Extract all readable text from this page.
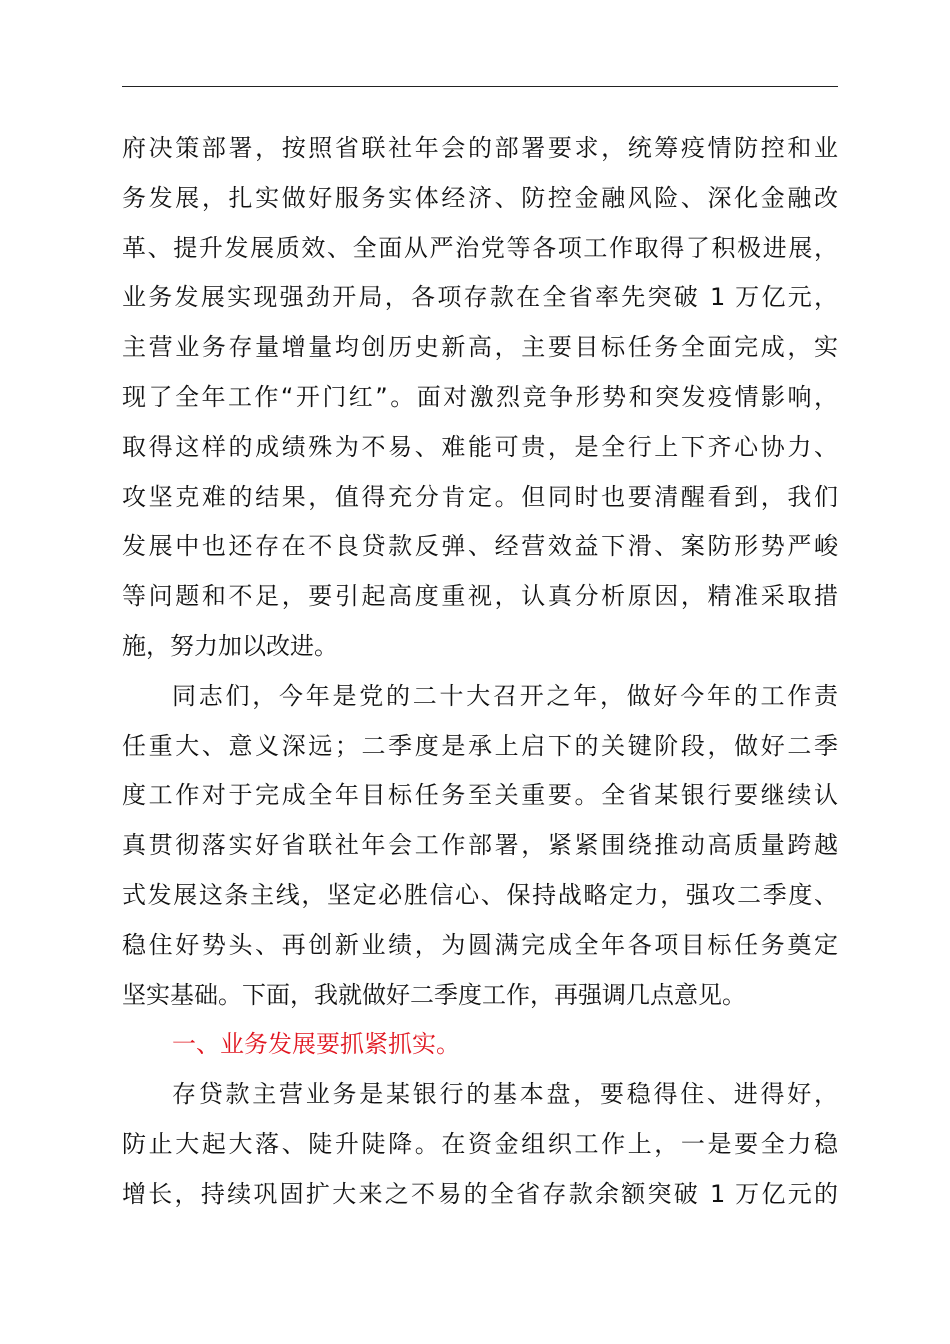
府决策部署，按照省联社年会的部署要求，统筹疫情防控和业
务发展，扎实做好服务实体经济、防控金融风险、深化金融改
革、提升发展质效、全面从严治党等各项工作取得了积极进展，
业务发展实现强劲开局，各项存款在全省率先突破 1 万亿元，
主营业务存量增量均创历史新高，主要目标任务全面完成，实
现了全年工作“开门红”。面对激烈竞争形势和突发疫情影响，
取得这样的成绩殊为不易、难能可贵，是全行上下齐心协力、
攻坚克难的结果，值得充分肯定。但同时也要清醒看到，我们
发展中也还存在不良贷款反弹、经营效益下滑、案防形势严峻
等问题和不足，要引起高度重视，认真分析原因，精准采取措
施，努力加以改进。
同志们，今年是党的二十大召开之年，做好今年的工作责
任重大、意义深远；二季度是承上启下的关键阶段，做好二季
度工作对于完成全年目标任务至关重要。全省某银行要继续认
真贯彻落实好省联社年会工作部署，紧紧围绕推动高质量跨越
式发展这条主线，坚定必胜信心、保持战略定力，强攻二季度、
稳住好势头、再创新业绩，为圆满完成全年各项目标任务奠定
坚实基础。下面，我就做好二季度工作，再强调几点意见。
一、业务发展要抓紧抓实。
存贷款主营业务是某银行的基本盘，要稳得住、进得好，
防止大起大落、陡升陡降。在资金组织工作上，一是要全力稳
增长，持续巩固扩大来之不易的全省存款余额突破 1 万亿元的
